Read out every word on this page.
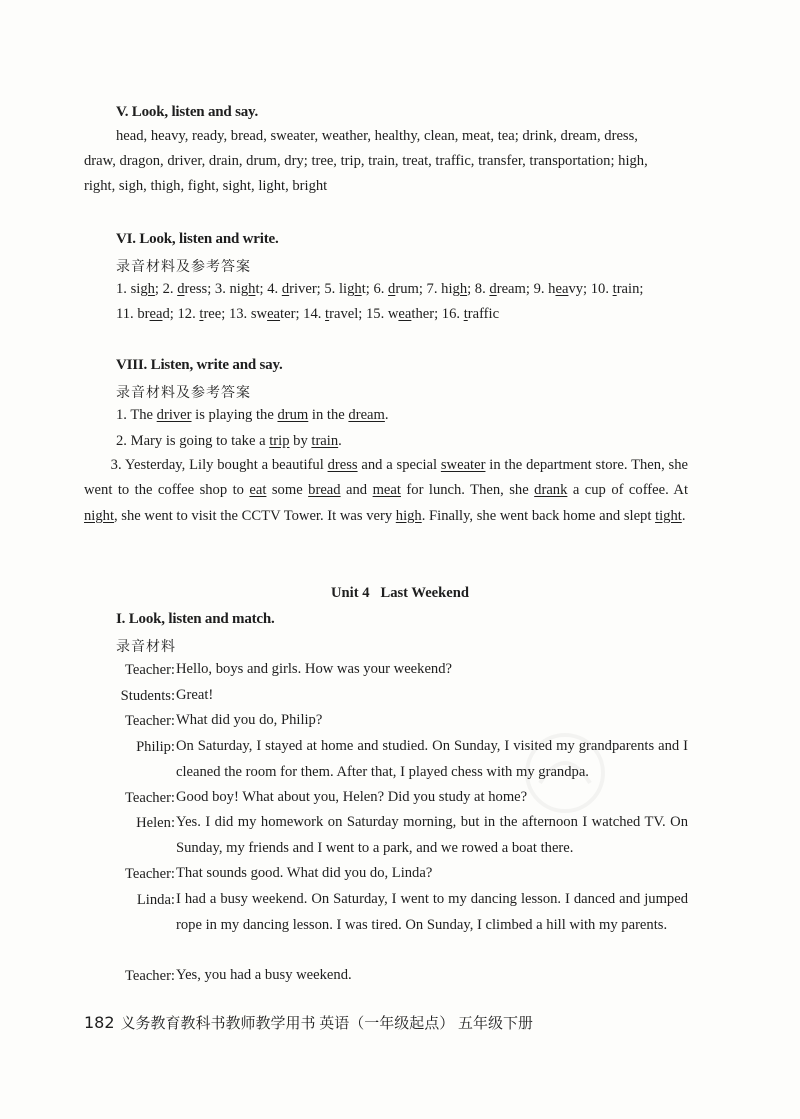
V. Look, listen and say.
head, heavy, ready, bread, sweater, weather, healthy, clean, meat, tea; drink, dream, dress,
draw, dragon, driver, drain, drum, dry; tree, trip, train, treat, traffic, transfer, transportation; high,
right, sigh, thigh, fight, sight, light, bright
VI. Look, listen and write.
录音材料及参考答案
1. sigh; 2. dress; 3. night; 4. driver; 5. light; 6. drum; 7. high; 8. dream; 9. heavy; 10. train;
11. bread; 12. tree; 13. sweater; 14. travel; 15. weather; 16. traffic
VIII. Listen, write and say.
录音材料及参考答案
1. The driver is playing the drum in the dream.
2. Mary is going to take a trip by train.
3. Yesterday, Lily bought a beautiful dress and a special sweater in the department store. Then, she went to the coffee shop to eat some bread and meat for lunch. Then, she drank a cup of coffee. At night, she went to visit the CCTV Tower. It was very high. Finally, she went back home and slept tight.
Unit 4   Last Weekend
I. Look, listen and match.
录音材料
Teacher: Hello, boys and girls. How was your weekend?
Students: Great!
Teacher: What did you do, Philip?
Philip: On Saturday, I stayed at home and studied. On Sunday, I visited my grandparents and I cleaned the room for them. After that, I played chess with my grandpa.
Teacher: Good boy! What about you, Helen? Did you study at home?
Helen: Yes. I did my homework on Saturday morning, but in the afternoon I watched TV. On Sunday, my friends and I went to a park, and we rowed a boat there.
Teacher: That sounds good. What did you do, Linda?
Linda: I had a busy weekend. On Saturday, I went to my dancing lesson. I danced and jumped rope in my dancing lesson. I was tired. On Sunday, I climbed a hill with my parents.
Teacher: Yes, you had a busy weekend.
182 义务教育教科书教师教学用书 英语（一年级起点） 五年级下册
